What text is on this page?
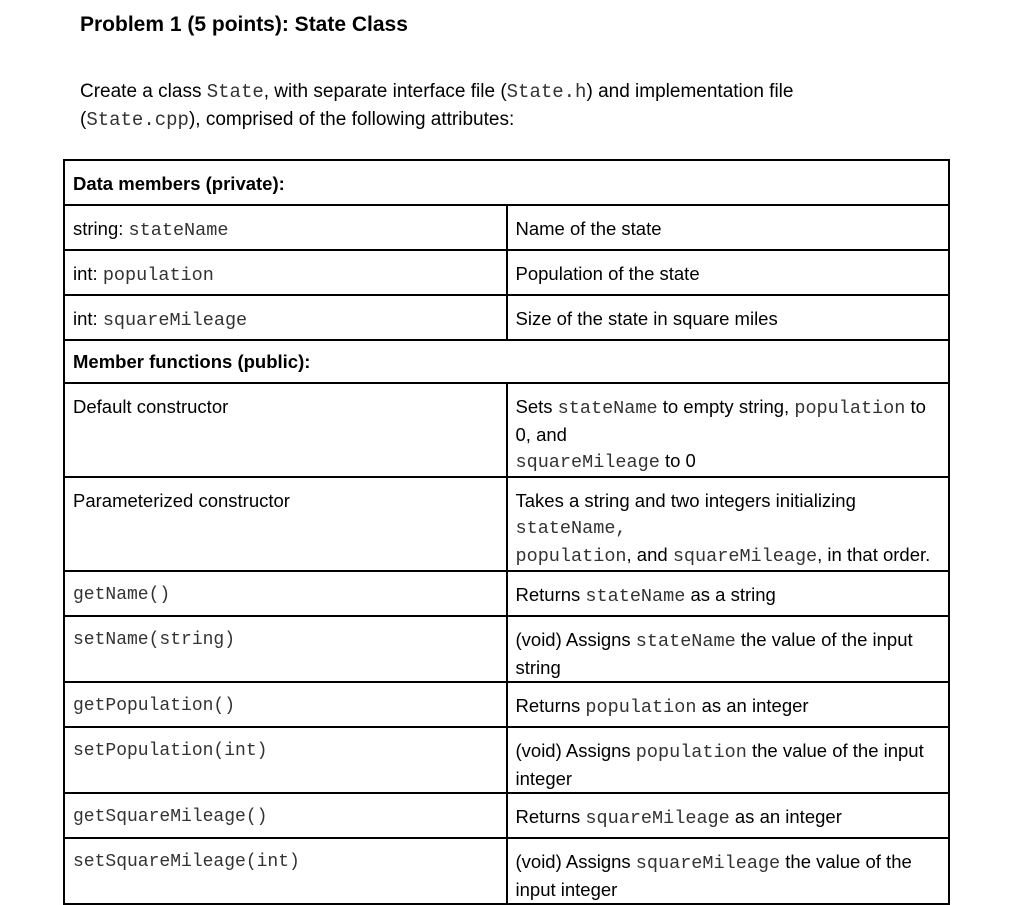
Problem 1 (5 points): State Class
Create a class State, with separate interface file (State.h) and implementation file
(State.cpp), comprised of the following attributes:
Data members (private):	
string: stateName	Name of the state
int: population	Population of the state
int: squareMileage	Size of the state in square miles
Member functions (public):	
Default constructor	Sets stateName to empty string, population to 0, and
squareMileage to 0
Parameterized constructor	Takes a string and two integers initializing stateName,
population, and squareMileage, in that order.
getName()	Returns stateName as a string
setName(string)	(void) Assigns stateName the value of the input string
getPopulation()	Returns population as an integer
setPopulation(int)	(void) Assigns population the value of the input integer
getSquareMileage()	Returns squareMileage as an integer
setSquareMileage(int)	(void) Assigns squareMileage the value of the input integer
